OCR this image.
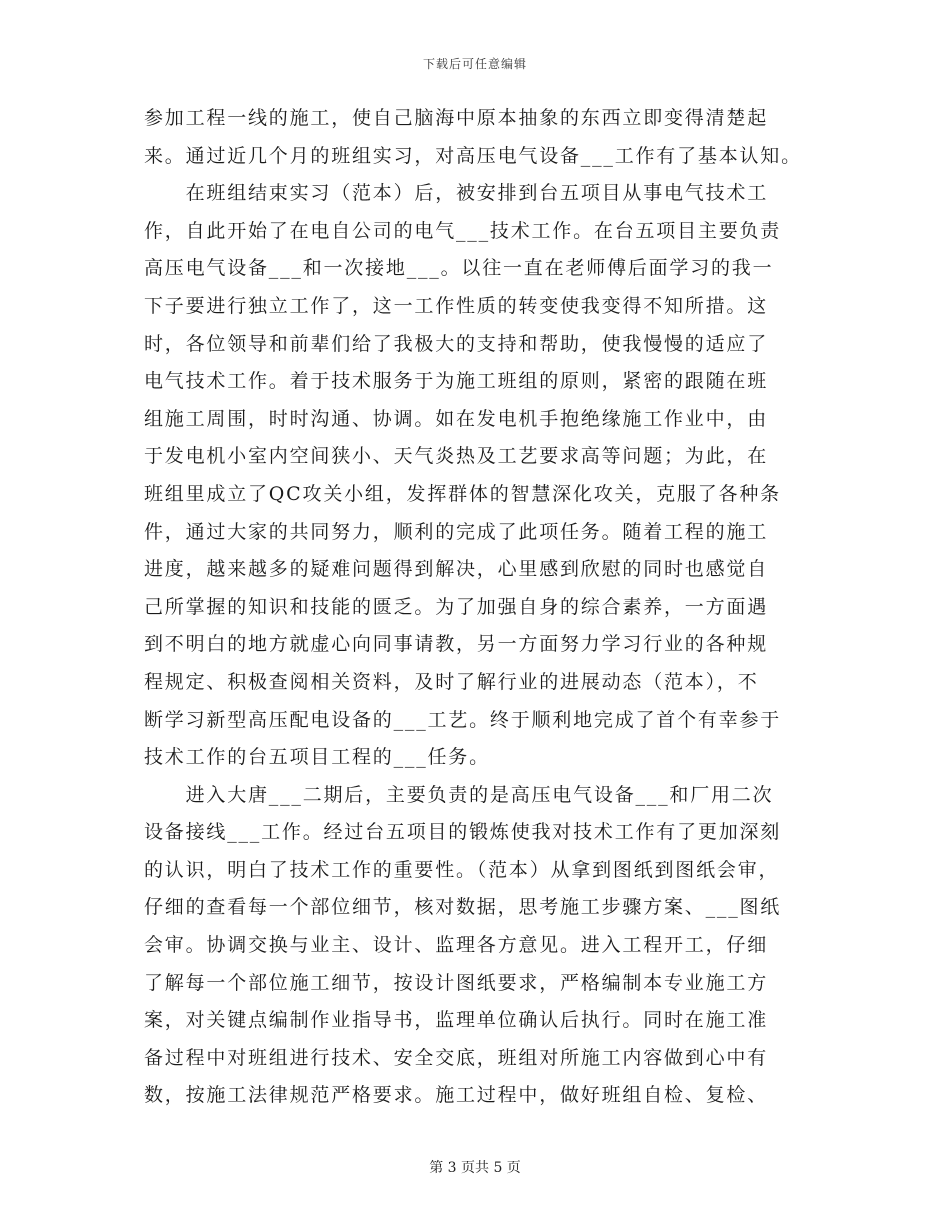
下载后可任意编辑
参加工程一线的施工，使自己脑海中原本抽象的东西立即变得清楚起
来。通过近几个月的班组实习，对高压电气设备___工作有了基本认知。
　　在班组结束实习（范本）后，被安排到台五项目从事电气技术工
作，自此开始了在电自公司的电气___技术工作。在台五项目主要负责
高压电气设备___和一次接地___。以往一直在老师傅后面学习的我一
下子要进行独立工作了，这一工作性质的转变使我变得不知所措。这
时，各位领导和前辈们给了我极大的支持和帮助，使我慢慢的适应了
电气技术工作。着于技术服务于为施工班组的原则，紧密的跟随在班
组施工周围，时时沟通、协调。如在发电机手抱绝缘施工作业中，由
于发电机小室内空间狭小、天气炎热及工艺要求高等问题；为此，在
班组里成立了QC攻关小组，发挥群体的智慧深化攻关，克服了各种条
件，通过大家的共同努力，顺利的完成了此项任务。随着工程的施工
进度，越来越多的疑难问题得到解决，心里感到欣慰的同时也感觉自
己所掌握的知识和技能的匮乏。为了加强自身的综合素养，一方面遇
到不明白的地方就虚心向同事请教，另一方面努力学习行业的各种规
程规定、积极查阅相关资料，及时了解行业的进展动态（范本），不
断学习新型高压配电设备的___工艺。终于顺利地完成了首个有幸参于
技术工作的台五项目工程的___任务。
　　进入大唐___二期后，主要负责的是高压电气设备___和厂用二次
设备接线___工作。经过台五项目的锻炼使我对技术工作有了更加深刻
的认识，明白了技术工作的重要性。（范本）从拿到图纸到图纸会审，
仔细的查看每一个部位细节，核对数据，思考施工步骤方案、___图纸
会审。协调交换与业主、设计、监理各方意见。进入工程开工，仔细
了解每一个部位施工细节，按设计图纸要求，严格编制本专业施工方
案，对关键点编制作业指导书，监理单位确认后执行。同时在施工准
备过程中对班组进行技术、安全交底，班组对所施工内容做到心中有
数，按施工法律规范严格要求。施工过程中，做好班组自检、复检、
第 3 页共 5 页
